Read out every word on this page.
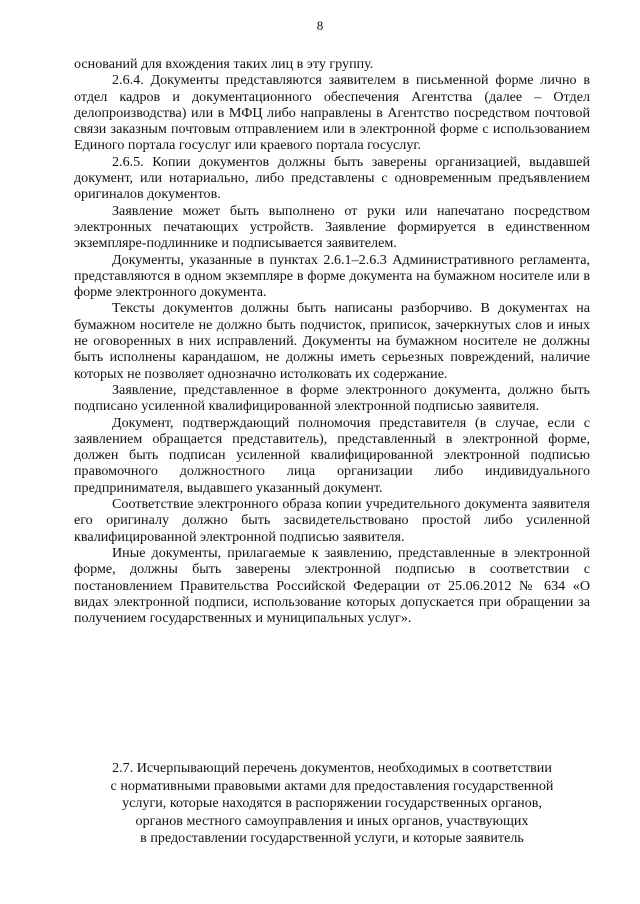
8

оснований для вхождения таких лиц в эту группу.

2.6.4. Документы представляются заявителем в письменной форме лично в отдел кадров и документационного обеспечения Агентства (далее – Отдел делопроизводства) или в МФЦ либо направлены в Агентство посредством почтовой связи заказным почтовым отправлением или в электронной форме с использованием Единого портала госуслуг или краевого портала госуслуг.

2.6.5. Копии документов должны быть заверены организацией, выдавшей документ, или нотариально, либо представлены с одновременным предъявлением оригиналов документов.

Заявление может быть выполнено от руки или напечатано посредством электронных печатающих устройств. Заявление формируется в единственном экземпляре-подлиннике и подписывается заявителем.

Документы, указанные в пунктах 2.6.1–2.6.3 Административного регламента, представляются в одном экземпляре в форме документа на бумажном носителе или в форме электронного документа.

Тексты документов должны быть написаны разборчиво. В документах на бумажном носителе не должно быть подчисток, приписок, зачеркнутых слов и иных не оговоренных в них исправлений. Документы на бумажном носителе не должны быть исполнены карандашом, не должны иметь серьезных повреждений, наличие которых не позволяет однозначно истолковать их содержание.

Заявление, представленное в форме электронного документа, должно быть подписано усиленной квалифицированной электронной подписью заявителя.

Документ, подтверждающий полномочия представителя (в случае, если с заявлением обращается представитель), представленный в электронной форме, должен быть подписан усиленной квалифицированной электронной подписью правомочного должностного лица организации либо индивидуального предпринимателя, выдавшего указанный документ.

Соответствие электронного образа копии учредительного документа заявителя его оригиналу должно быть засвидетельствовано простой либо усиленной квалифицированной электронной подписью заявителя.

Иные документы, прилагаемые к заявлению, представленные в электронной форме, должны быть заверены электронной подписью в соответствии с постановлением Правительства Российской Федерации от 25.06.2012 № 634 «О видах электронной подписи, использование которых допускается при обращении за получением государственных и муниципальных услуг».

2.7. Исчерпывающий перечень документов, необходимых в соответствии

с нормативными правовыми актами для предоставления государственной

услуги, которые находятся в распоряжении государственных органов,

органов местного самоуправления и иных органов, участвующих

в предоставлении государственной услуги, и которые заявитель
